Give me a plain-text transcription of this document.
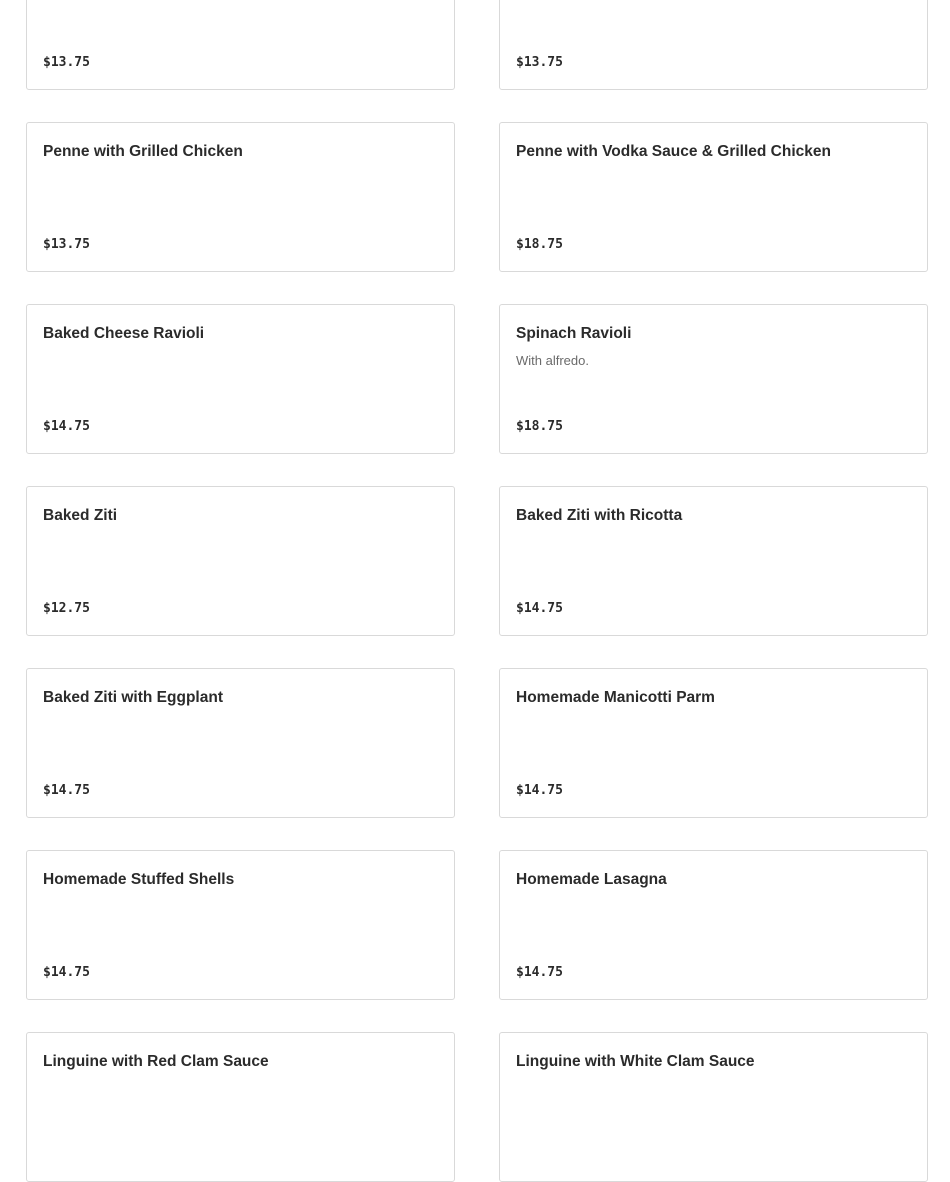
$13.75	$13.75
Penne with Grilled Chicken
$13.75
Penne with Vodka Sauce & Grilled Chicken
$18.75
Baked Cheese Ravioli
$14.75
Spinach Ravioli
With alfredo.
$18.75
Baked Ziti
$12.75
Baked Ziti with Ricotta
$14.75
Baked Ziti with Eggplant
$14.75
Homemade Manicotti Parm
$14.75
Homemade Stuffed Shells
$14.75
Homemade Lasagna
$14.75
Linguine with Red Clam Sauce	Linguine with White Clam Sauce
